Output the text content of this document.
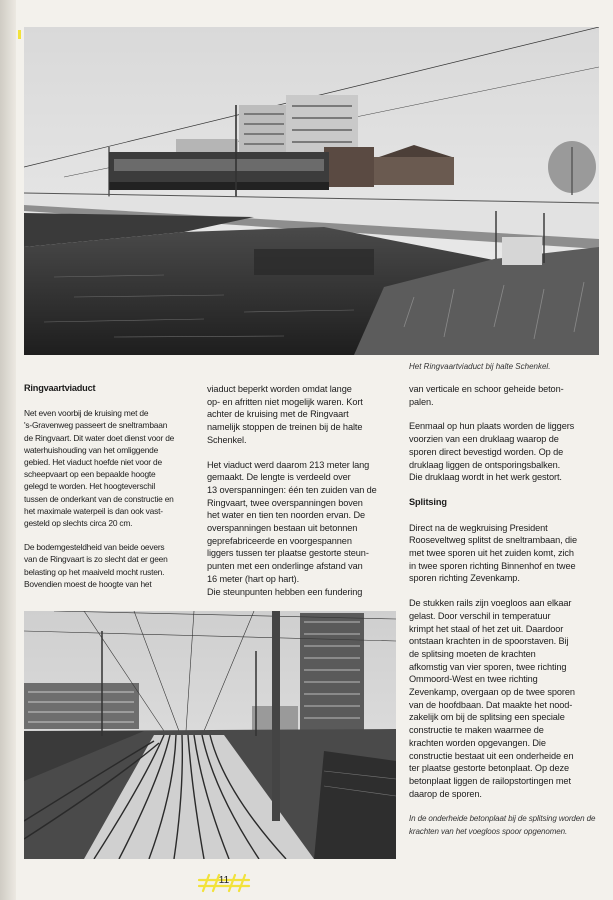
Het Ringvaartviaduct bij halte Schenkel.
Ringvaartviaduct

Net even voorbij de kruising met de
's-Gravenweg passeert de sneltrambaan
de Ringvaart. Dit water doet dienst voor de
waterhuishouding van het omliggende
gebied. Het viaduct hoefde niet voor de
scheepvaart op een bepaalde hoogte
gelegd te worden. Het hoogteverschil
tussen de onderkant van de constructie en
het maximale waterpeil is dan ook vast-
gesteld op slechts circa 20 cm.

De bodemgesteldheid van beide oevers
van de Ringvaart is zo slecht dat er geen
belasting op het maaiveld mocht rusten.
Bovendien moest de hoogte van het

viaduct beperkt worden omdat lange
op- en afritten niet mogelijk waren. Kort
achter de kruising met de Ringvaart
namelijk stoppen de treinen bij de halte
Schenkel.

Het viaduct werd daarom 213 meter lang
gemaakt. De lengte is verdeeld over
13 overspanningen: één ten zuiden van de
Ringvaart, twee overspanningen boven
het water en tien ten noorden ervan. De
overspanningen bestaan uit betonnen
geprefabriceerde en voorgespannen
liggers tussen ter plaatse gestorte steun-
punten met een onderlinge afstand van
16 meter (hart op hart).
Die steunpunten hebben een fundering

van verticale en schoor geheide beton-
palen.

Eenmaal op hun plaats worden de liggers
voorzien van een druklaag waarop de
sporen direct bevestigd worden. Op de
druklaag liggen de ontsporingsbalken.
Die druklaag wordt in het werk gestort.

Splitsing

Direct na de wegkruising President
Rooseveltweg splitst de sneltrambaan, die
met twee sporen uit het zuiden komt, zich
in twee sporen richting Binnenhof en twee
sporen richting Zevenkamp.

De stukken rails zijn voegloos aan elkaar
gelast. Door verschil in temperatuur
krimpt het staal of het zet uit. Daardoor
ontstaan krachten in de spoorstaven. Bij
de splitsing moeten de krachten
afkomstig van vier sporen, twee richting
Ommoord-West en twee richting
Zevenkamp, overgaan op de twee sporen
van de hoofdbaan. Dat maakte het nood-
zakelijk om bij de splitsing een speciale
constructie te maken waarmee de
krachten worden opgevangen. Die
constructie bestaat uit een onderheide en
ter plaatse gestorte betonplaat. Op deze
betonplaat liggen de railopstortingen met
daarop de sporen.

In de onderheide betonplaat bij de splitsing worden de
krachten van het voegloos spoor opgenomen.

11
